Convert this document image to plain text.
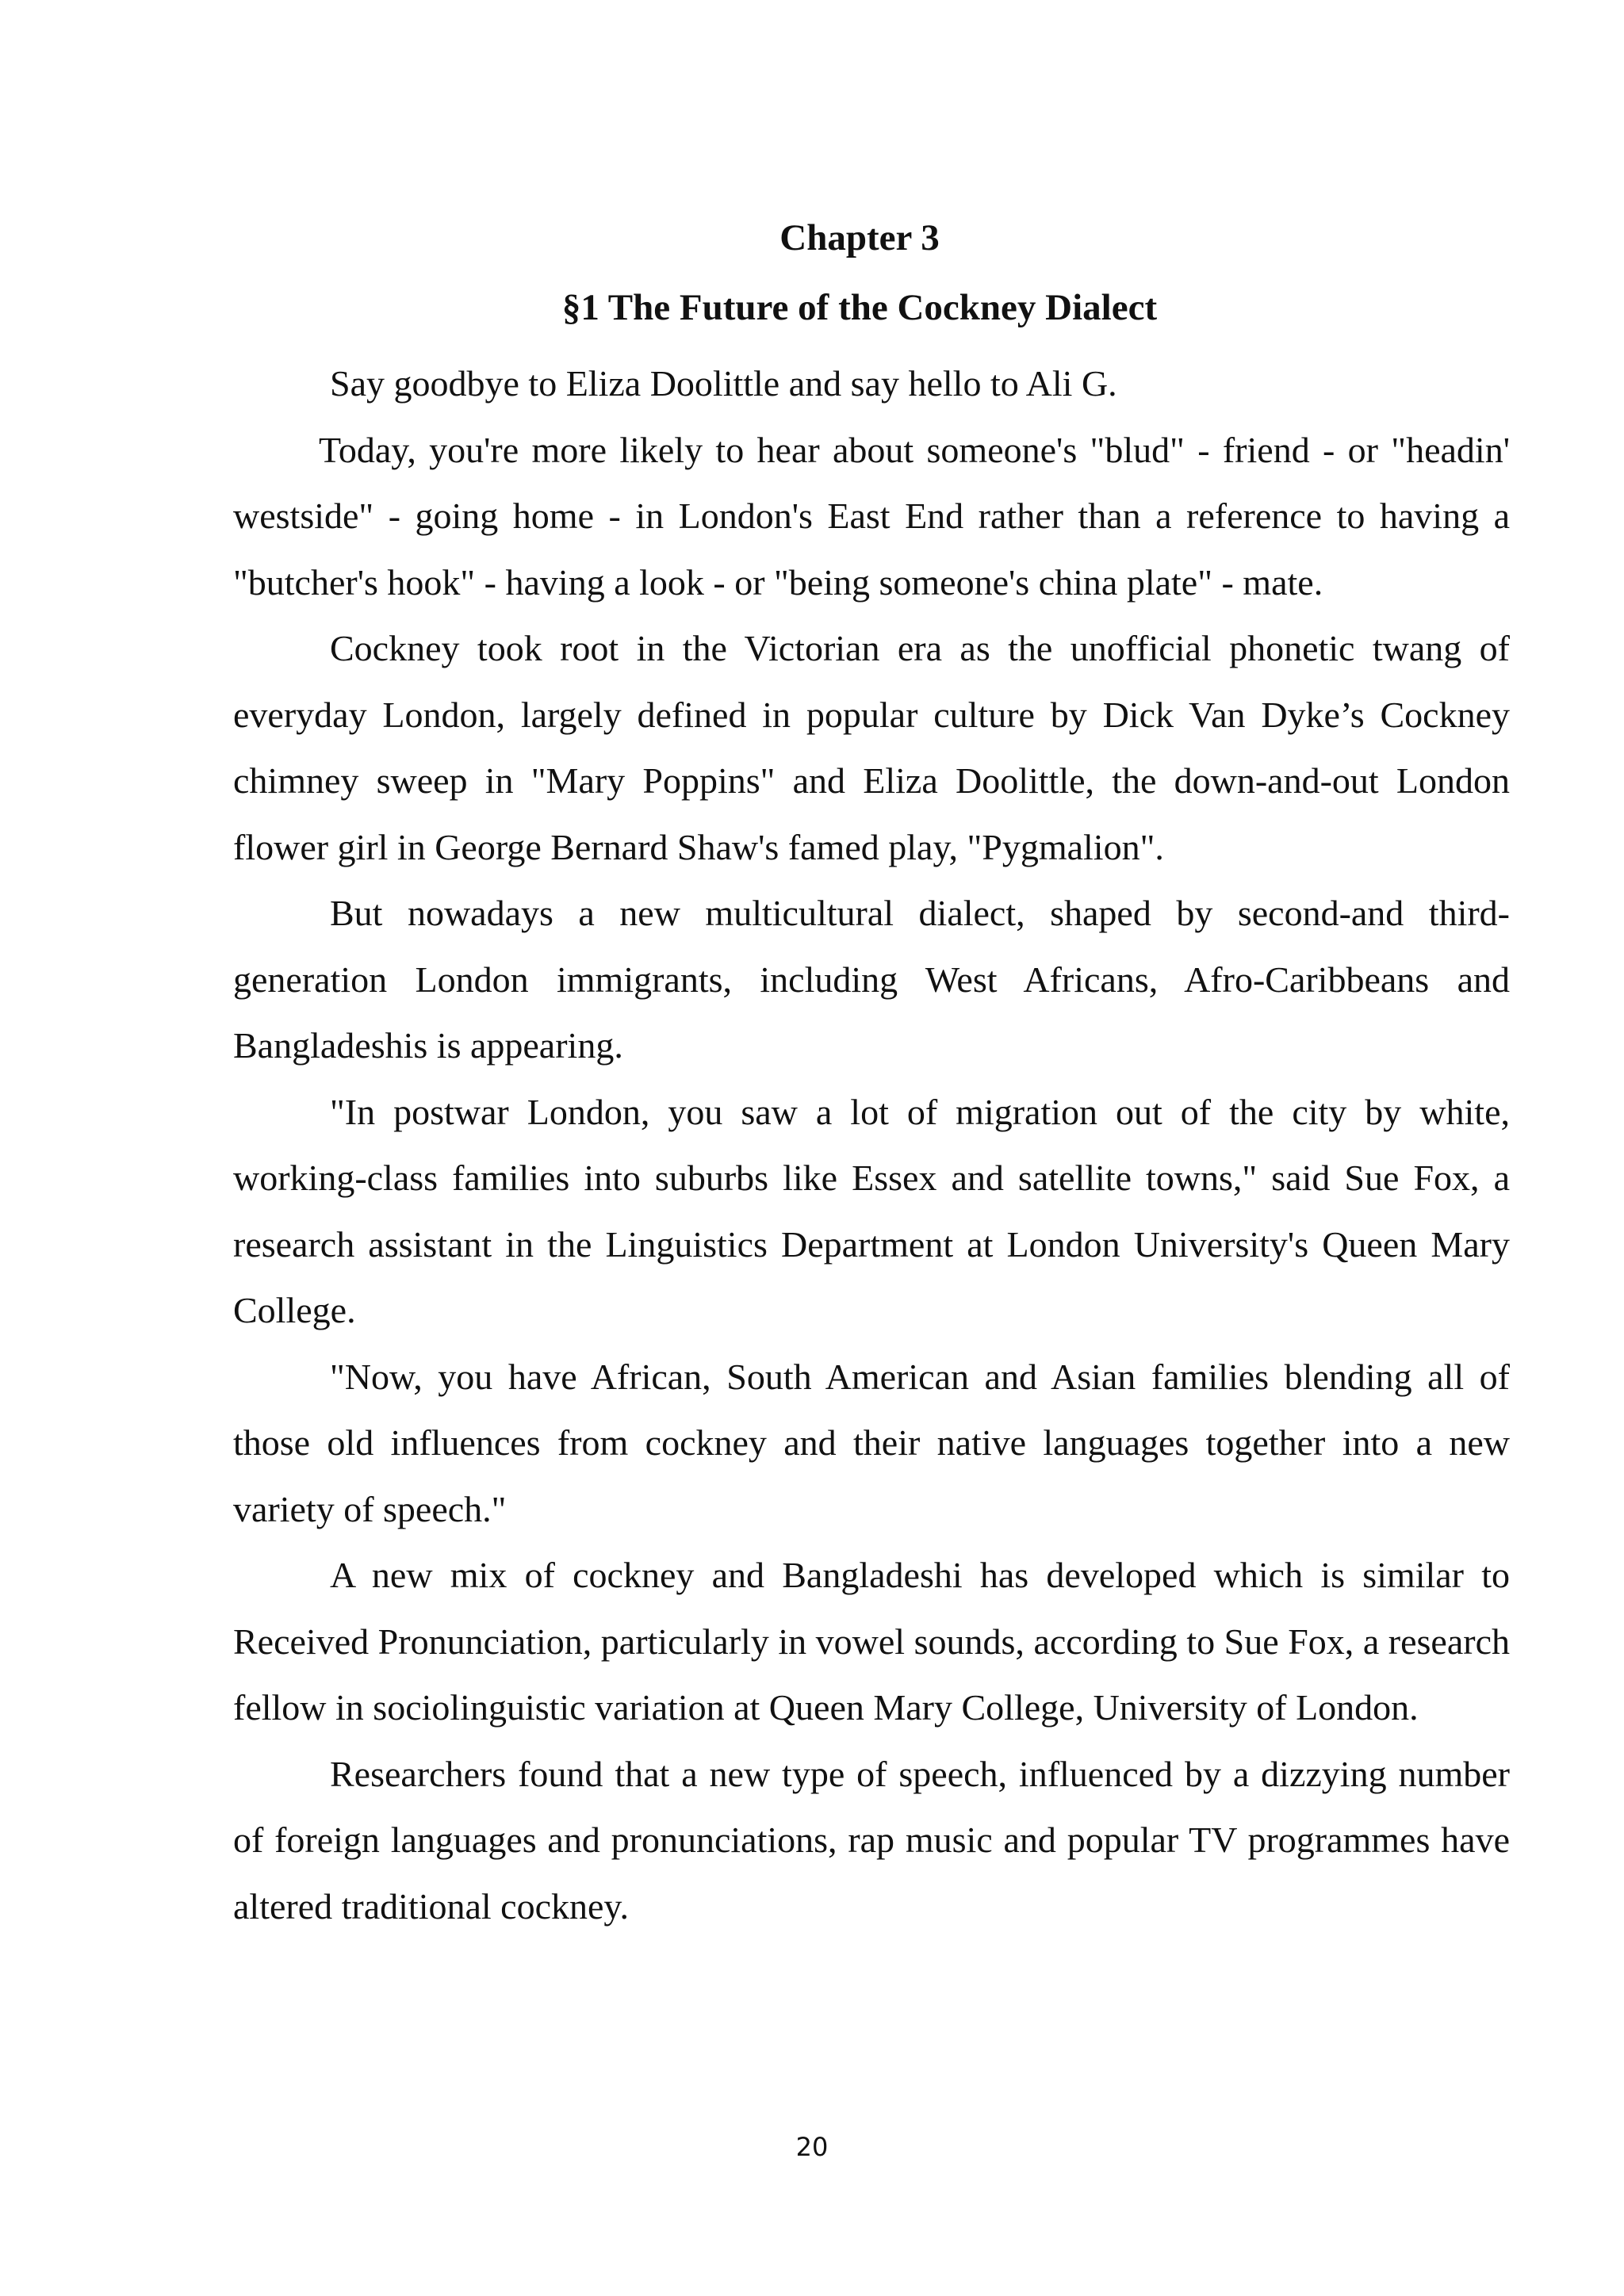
Chapter 3
§1 The Future of the Cockney Dialect

Say goodbye to Eliza Doolittle and say hello to Ali G.

Today, you're more likely to hear about someone's "blud" - friend - or "headin' westside" - going home - in London's East End rather than a reference to having a "butcher's hook" - having a look - or "being someone's china plate" - mate.

Cockney took root in the Victorian era as the unofficial phonetic twang of everyday London, largely defined in popular culture by Dick Van Dyke’s Cockney chimney sweep in "Mary Poppins" and Eliza Doolittle, the down-and-out London flower girl in George Bernard Shaw's famed play, "Pygmalion".

But nowadays a new multicultural dialect, shaped by second-and third-generation London immigrants, including West Africans, Afro-Caribbeans and Bangladeshis is appearing.

"In postwar London, you saw a lot of migration out of the city by white, working-class families into suburbs like Essex and satellite towns," said Sue Fox, a research assistant in the Linguistics Department at London University's Queen Mary College.

"Now, you have African, South American and Asian families blending all of those old influences from cockney and their native languages together into a new variety of speech."

A new mix of cockney and Bangladeshi has developed which is similar to Received Pronunciation, particularly in vowel sounds, according to Sue Fox, a research fellow in sociolinguistic variation at Queen Mary College, University of London.

Researchers found that a new type of speech, influenced by a dizzying number of foreign languages and pronunciations, rap music and popular TV programmes have altered traditional cockney.

20
